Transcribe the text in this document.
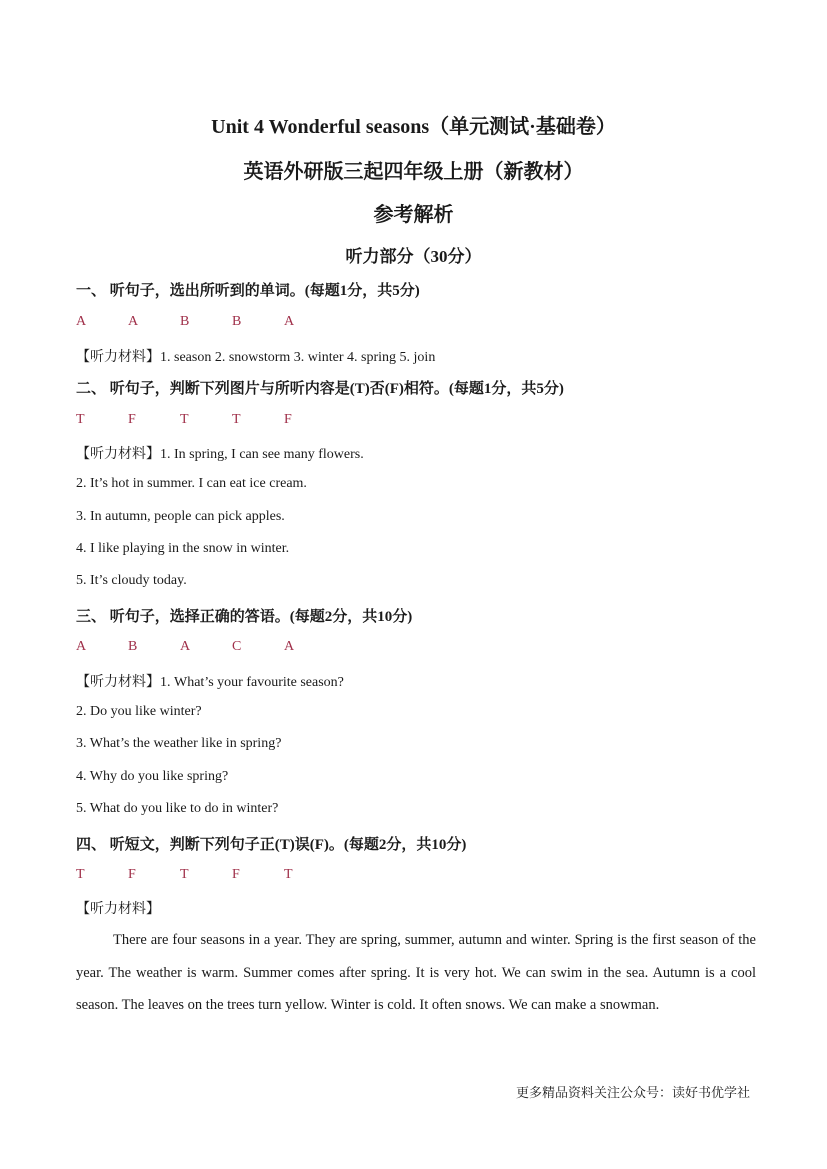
Unit 4 Wonderful seasons（单元测试·基础卷）
英语外研版三起四年级上册（新教材）
参考解析
听力部分（30分）
一、 听句子，选出所听到的单词。(每题1分，共5分)
A	A	B	B	A
【听力材料】1. season 2. snowstorm 3. winter 4. spring 5. join
二、 听句子，判断下列图片与所听内容是(T)否(F)相符。(每题1分，共5分)
T	F	T	T	F
【听力材料】1. In spring, I can see many flowers.
2. It’s hot in summer. I can eat ice cream.
3. In autumn, people can pick apples.
4. I like playing in the snow in winter.
5. It’s cloudy today.
三、 听句子，选择正确的答语。(每题2分，共10分)
A	B	A	C	A
【听力材料】1. What’s your favourite season?
2. Do you like winter?
3. What’s the weather like in spring?
4. Why do you like spring?
5. What do you like to do in winter?
四、 听短文，判断下列句子正(T)误(F)。(每题2分，共10分)
T	F	T	F	T
【听力材料】
There are four seasons in a year. They are spring, summer, autumn and winter. Spring is the first season of the year. The weather is warm. Summer comes after spring. It is very hot. We can swim in the sea. Autumn is a cool season. The leaves on the trees turn yellow. Winter is cold. It often snows. We can make a snowman.
更多精品资料关注公众号：读好书优学社
